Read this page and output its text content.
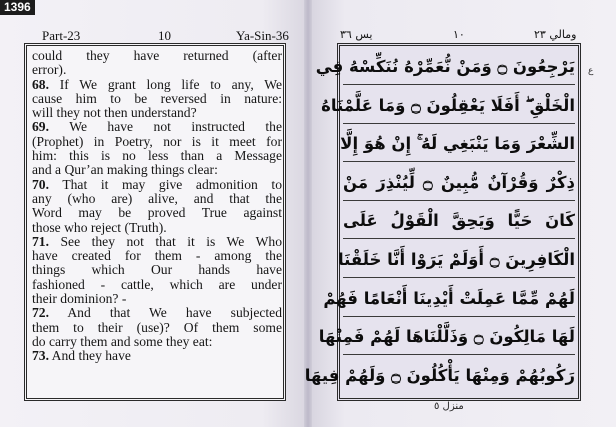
1396
Part-23	10	Ya-Sin-36
could they have returned (after
error).
68. If We grant long life to any, We
cause him to be reversed in nature:
will they not then understand?
69. We have not instructed the
(Prophet) in Poetry, nor is it meet for
him: this is no less than a Message
and a Qur’an making things clear:
70. That it may give admonition to
any (who are) alive, and that the
Word may be proved True against
those who reject (Truth).
71. See they not that it is We Who
have created for them - among the
things which Our hands have
fashioned - cattle, which are under
their dominion? -
72. And that We have subjected
them to their (use)? Of them some
do carry them and some they eat:
73. And they have
يس ٣٦	١٠	ومالي ٢٣
يَرْجِعُونَ ۝ وَمَنْ نُّعَمِّرْهُ نُنَكِّسْهُ فِي
الْخَلْقِ ۖ أَفَلَا يَعْقِلُونَ ۝ وَمَا عَلَّمْنَاهُ
الشِّعْرَ وَمَا يَنْبَغِي لَهُ ۚ إِنْ هُوَ إِلَّا
ذِكْرٌ وَقُرْآنٌ مُّبِينٌ ۝ لِّيُنْذِرَ مَنْ
كَانَ حَيًّا وَيَحِقَّ الْقَوْلُ عَلَى
الْكَافِرِينَ ۝ أَوَلَمْ يَرَوْا أَنَّا خَلَقْنَا
لَهُمْ مِّمَّا عَمِلَتْ أَيْدِينَا أَنْعَامًا فَهُمْ
لَهَا مَالِكُونَ ۝ وَذَلَّلْنَاهَا لَهُمْ فَمِنْهَا
رَكُوبُهُمْ وَمِنْهَا يَأْكُلُونَ ۝ وَلَهُمْ فِيهَا
ع
منزل ٥
